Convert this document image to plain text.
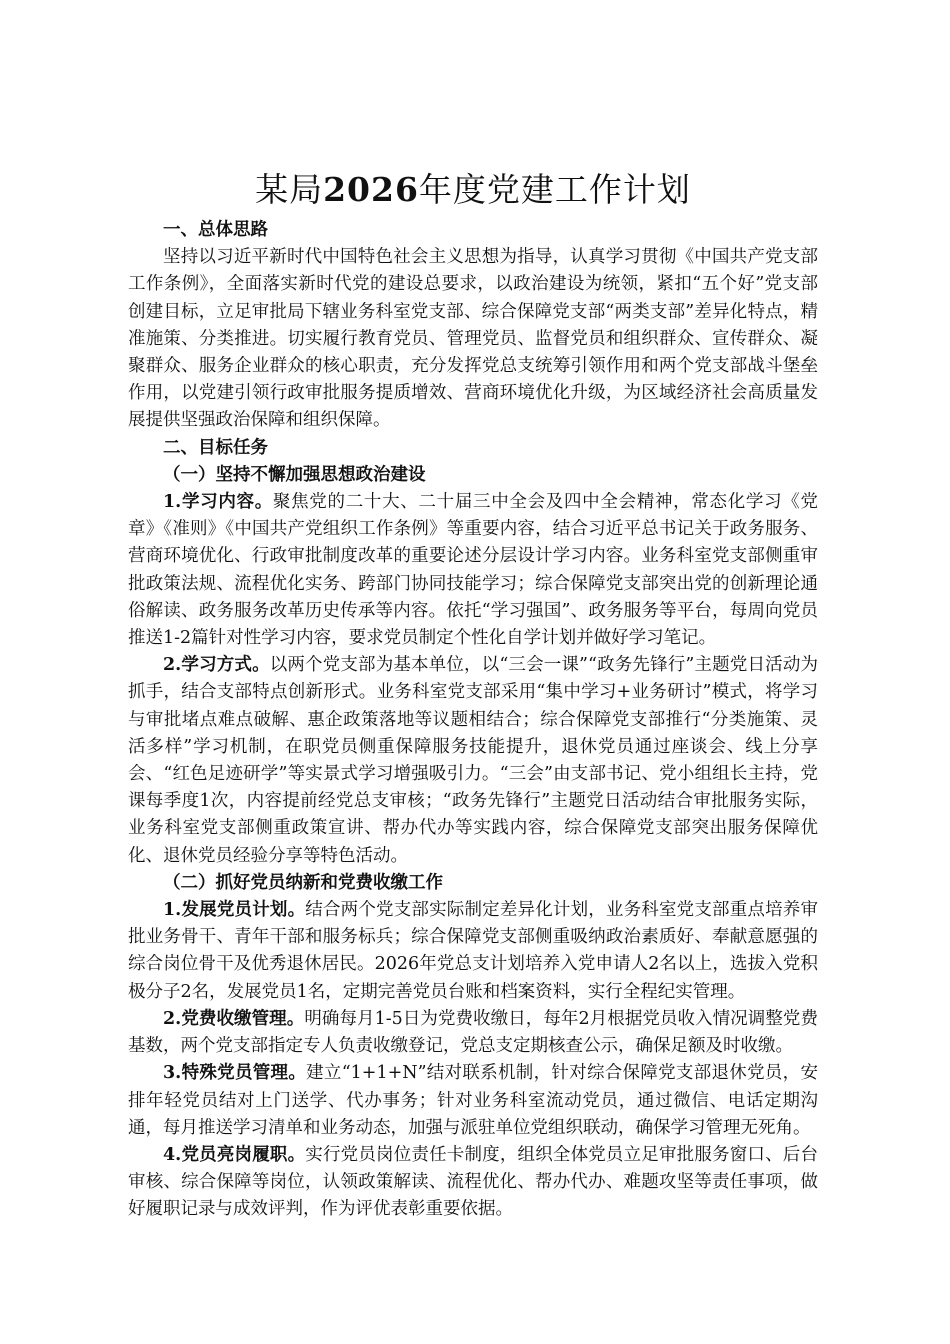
某局2026年度党建工作计划
一、总体思路

坚持以习近平新时代中国特色社会主义思想为指导，认真学习贯彻《中国共产党支部工作条例》，全面落实新时代党的建设总要求，以政治建设为统领，紧扣“五个好”党支部创建目标，立足审批局下辖业务科室党支部、综合保障党支部“两类支部”差异化特点，精准施策、分类推进。切实履行教育党员、管理党员、监督党员和组织群众、宣传群众、凝聚群众、服务企业群众的核心职责，充分发挥党总支统筹引领作用和两个党支部战斗堡垒作用，以党建引领行政审批服务提质增效、营商环境优化升级，为区域经济社会高质量发展提供坚强政治保障和组织保障。

二、目标任务
（一）坚持不懈加强思想政治建设

1.学习内容。聚焦党的二十大、二十届三中全会及四中全会精神，常态化学习《党章》《准则》《中国共产党组织工作条例》等重要内容，结合习近平总书记关于政务服务、营商环境优化、行政审批制度改革的重要论述分层设计学习内容。业务科室党支部侧重审批政策法规、流程优化实务、跨部门协同技能学习；综合保障党支部突出党的创新理论通俗解读、政务服务改革历史传承等内容。依托“学习强国”、政务服务等平台，每周向党员推送1-2篇针对性学习内容，要求党员制定个性化自学计划并做好学习笔记。

2.学习方式。以两个党支部为基本单位，以“三会一课”“政务先锋行”主题党日活动为抓手，结合支部特点创新形式。业务科室党支部采用“集中学习+业务研讨”模式，将学习与审批堵点难点破解、惠企政策落地等议题相结合；综合保障党支部推行“分类施策、灵活多样”学习机制，在职党员侧重保障服务技能提升，退休党员通过座谈会、线上分享会、“红色足迹研学”等实景式学习增强吸引力。“三会”由支部书记、党小组组长主持，党课每季度1次，内容提前经党总支审核；“政务先锋行”主题党日活动结合审批服务实际，业务科室党支部侧重政策宣讲、帮办代办等实践内容，综合保障党支部突出服务保障优化、退休党员经验分享等特色活动。

（二）抓好党员纳新和党费收缴工作

1.发展党员计划。结合两个党支部实际制定差异化计划，业务科室党支部重点培养审批业务骨干、青年干部和服务标兵；综合保障党支部侧重吸纳政治素质好、奉献意愿强的综合岗位骨干及优秀退休居民。2026年党总支计划培养入党申请人2名以上，选拔入党积极分子2名，发展党员1名，定期完善党员台账和档案资料，实行全程纪实管理。

2.党费收缴管理。明确每月1-5日为党费收缴日，每年2月根据党员收入情况调整党费基数，两个党支部指定专人负责收缴登记，党总支定期核查公示，确保足额及时收缴。

3.特殊党员管理。建立“1+1+N”结对联系机制，针对综合保障党支部退休党员，安排年轻党员结对上门送学、代办事务；针对业务科室流动党员，通过微信、电话定期沟通，每月推送学习清单和业务动态，加强与派驻单位党组织联动，确保学习管理无死角。

4.党员亮岗履职。实行党员岗位责任卡制度，组织全体党员立足审批服务窗口、后台审核、综合保障等岗位，认领政策解读、流程优化、帮办代办、难题攻坚等责任事项，做好履职记录与成效评判，作为评优表彰重要依据。
